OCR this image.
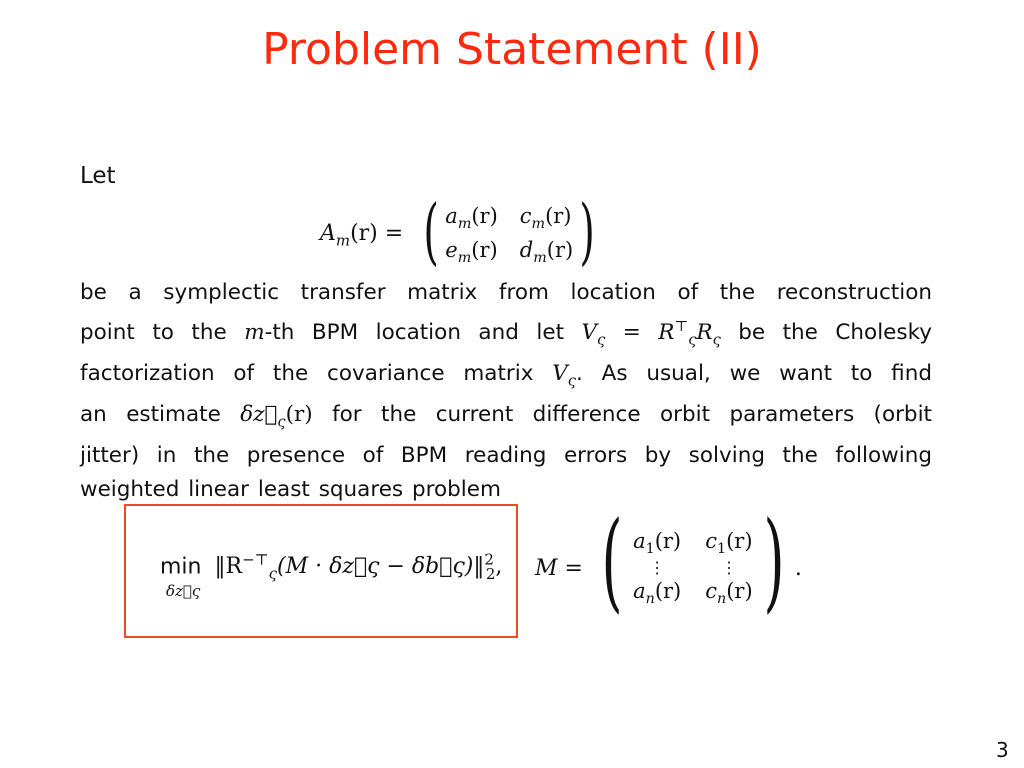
Problem Statement (II)
Let
$A_m(r)$ = ( $a_m(r)$ $c_m(r)$
$e_m(r)$ $d_m(r)$ )

be a symplectic transfer matrix from location of the reconstruction

point to the m-th BPM location and let $V_\varsigma = R^⊤_\varsigma R_\varsigma$ be the Cholesky

factorization of the covariance matrix $V_\varsigma$. As usual, we want to find

an estimate $\delta z⃗_\varsigma(r)$ for the current difference orbit parameters (orbit

jitter) in the presence of BPM reading errors by solving the following

weighted linear least squares problem

$\min ‖R^{-⊤}_\varsigma(M$ · δz⃗ς − δb⃗ς)‖$^2_2$,
δz⃗ς
M = ( $a_1(r)$ $c_1(r)$
⋮	⋮
$a_n(r)$ $c_n(r)$ ) .
3
